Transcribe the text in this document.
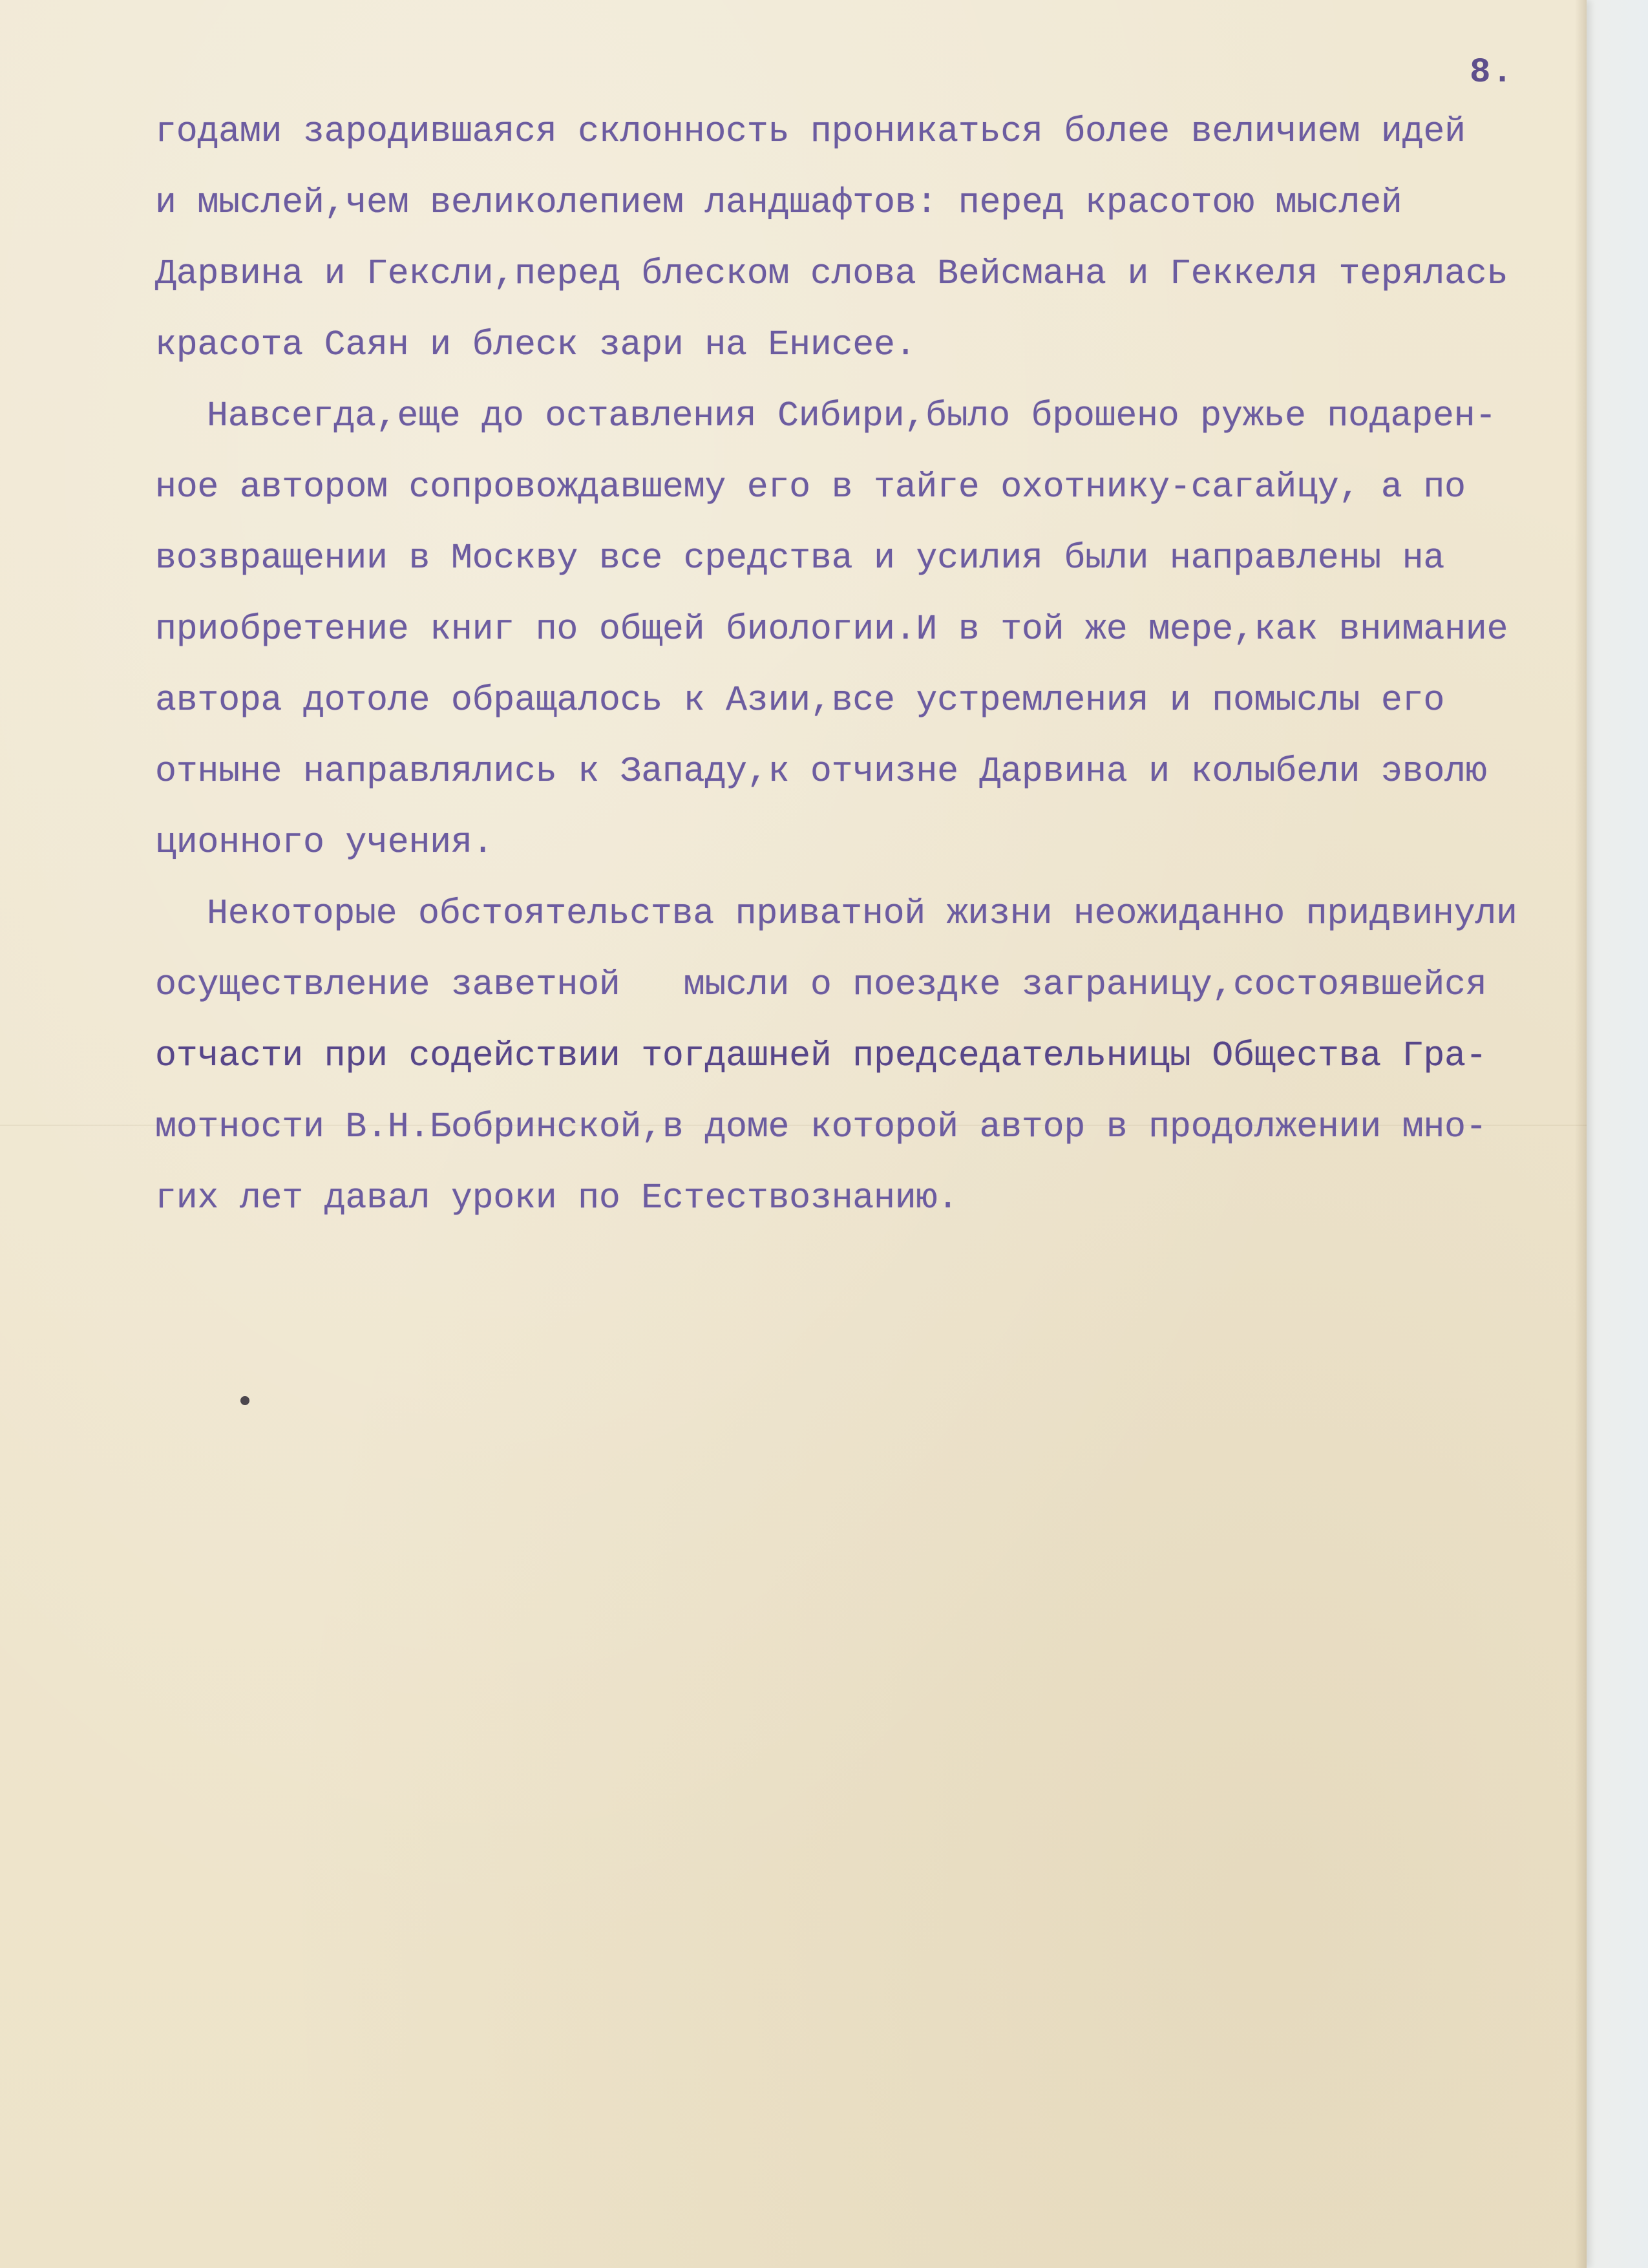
8.

годами зародившаяся склонность проникаться более величием идей
и мыслей,чем великолепием ландшафтов: перед красотою мыслей
Дарвина и Гексли,перед блеском слова Вейсмана и Геккеля терялась
красота Саян и блеск зари на Енисее.
Навсегда,еще до оставления Сибири,было брошено ружье подарен-
ное автором сопровождавшему его в тайге охотнику-сагайцу, а по
возвращении в Москву все средства и усилия были направлены на
приобретение книг по общей биологии.И в той же мере,как внимание
автора дотоле обращалось к Азии,все устремления и помыслы его
отныне направлялись к Западу,к отчизне Дарвина и колыбели эволю
ционного учения.
Некоторые обстоятельства приватной жизни неожиданно придвинули
осуществление заветной   мысли о поездке заграницу,состоявшейся
отчасти при содействии тогдашней председательницы Общества Гра-
мотности В.Н.Бобринской,в доме которой автор в продолжении мно-
гих лет давал уроки по Естествознанию.
